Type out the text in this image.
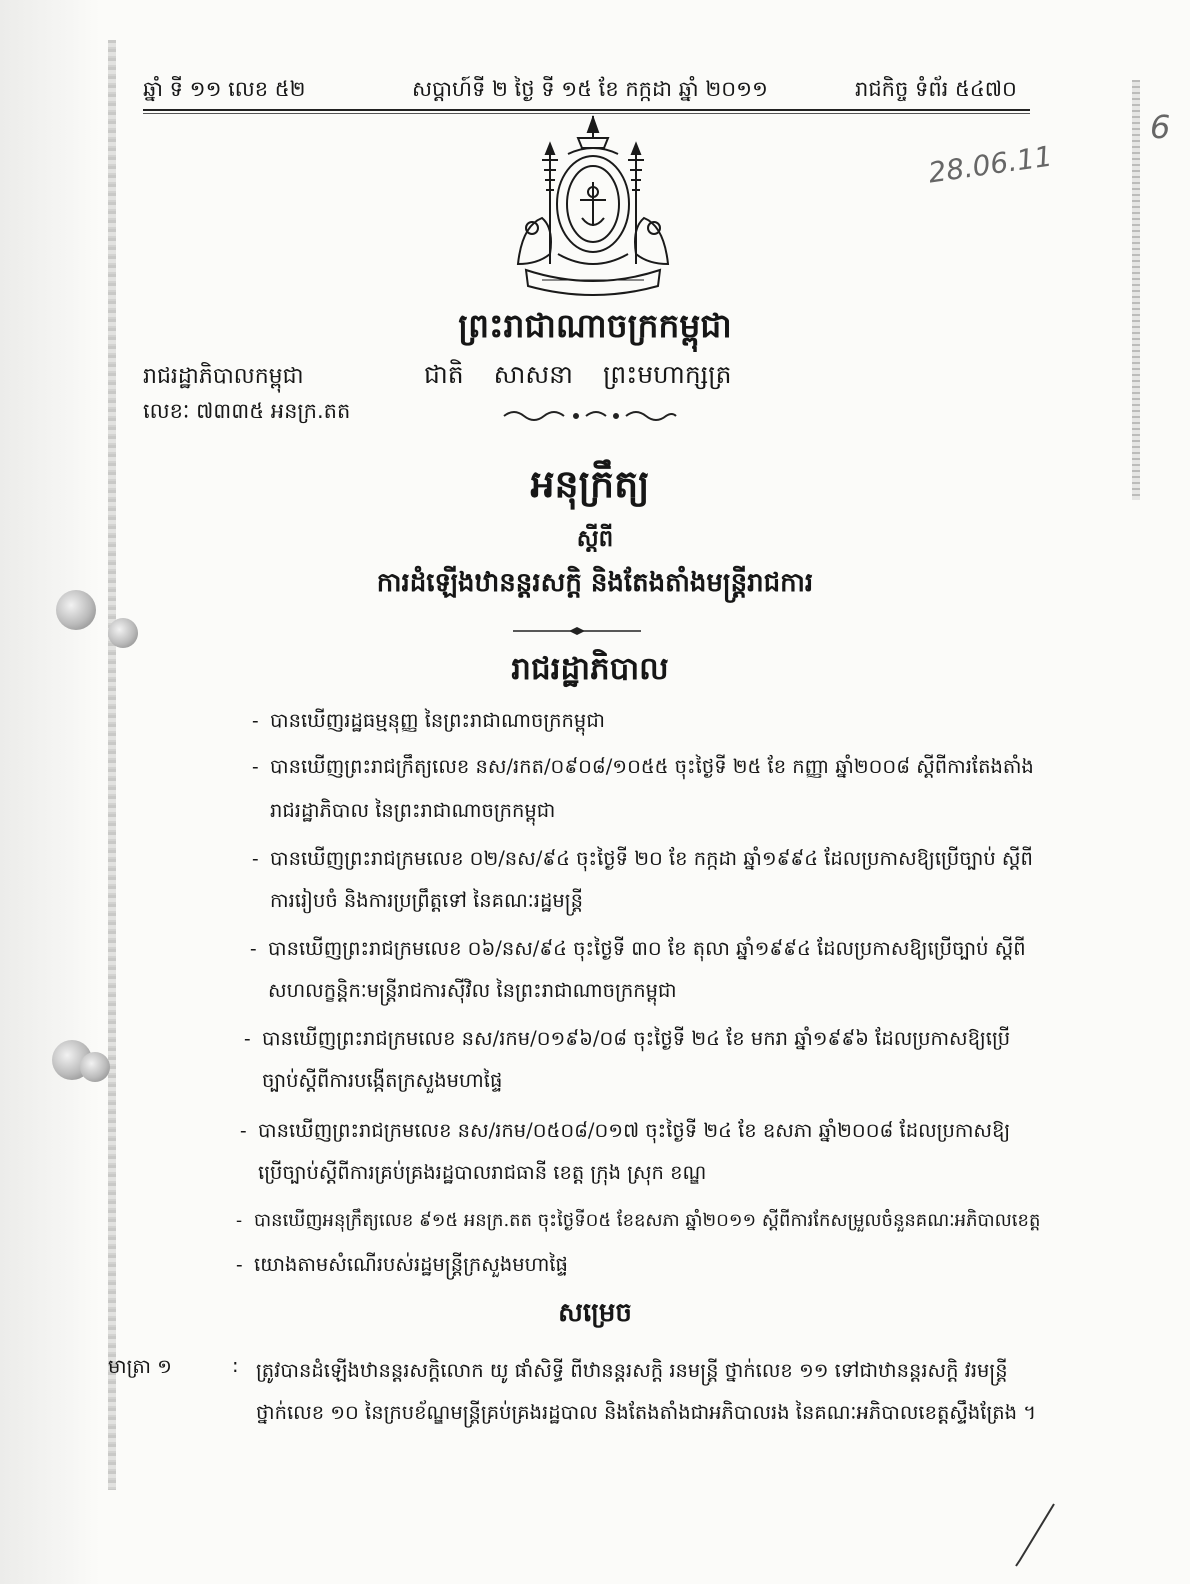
ឆ្នាំ ទី ១១ លេខ ៥២	សប្តាហ៍ទី ២ ថ្ងៃ ទី ១៥ ខែ កក្កដា ឆ្នាំ ២០១១	រាជកិច្ច ទំព័រ ៥៤៧០
28.06.11
6
ព្រះរាជាណាចក្រកម្ពុជា
ជាតិ សាសនា ព្រះមហាក្សត្រ
រាជរដ្ឋាភិបាលកម្ពុជា
លេខៈ ៧៣៣៥ អនក្រ.តត
អនុក្រឹត្យ
ស្តីពី
ការដំឡើងឋានន្តរសក្តិ និងតែងតាំងមន្ត្រីរាជការ
រាជរដ្ឋាភិបាល
- បានឃើញរដ្ឋធម្មនុញ្ញ នៃព្រះរាជាណាចក្រកម្ពុជា
- បានឃើញព្រះរាជក្រឹត្យលេខ នស/រកត/០៩០៨/១០៥៥ ចុះថ្ងៃទី ២៥ ខែ កញ្ញា ឆ្នាំ២០០៨ ស្តីពីការតែងតាំង
រាជរដ្ឋាភិបាល នៃព្រះរាជាណាចក្រកម្ពុជា
- បានឃើញព្រះរាជក្រមលេខ ០២/នស/៩៤ ចុះថ្ងៃទី ២០ ខែ កក្កដា ឆ្នាំ១៩៩៤ ដែលប្រកាសឱ្យប្រើច្បាប់ ស្តីពី
ការរៀបចំ និងការប្រព្រឹត្តទៅ នៃគណៈរដ្ឋមន្ត្រី
- បានឃើញព្រះរាជក្រមលេខ ០៦/នស/៩៤ ចុះថ្ងៃទី ៣០ ខែ តុលា ឆ្នាំ១៩៩៤ ដែលប្រកាសឱ្យប្រើច្បាប់ ស្តីពី
សហលក្ខន្តិកៈមន្ត្រីរាជការស៊ីវិល នៃព្រះរាជាណាចក្រកម្ពុជា
- បានឃើញព្រះរាជក្រមលេខ នស/រកម/០១៩៦/០៨ ចុះថ្ងៃទី ២៤ ខែ មករា ឆ្នាំ១៩៩៦ ដែលប្រកាសឱ្យប្រើ
ច្បាប់ស្តីពីការបង្កើតក្រសួងមហាផ្ទៃ
- បានឃើញព្រះរាជក្រមលេខ នស/រកម/០៥០៨/០១៧ ចុះថ្ងៃទី ២៤ ខែ ឧសភា ឆ្នាំ២០០៨ ដែលប្រកាសឱ្យ
ប្រើច្បាប់ស្តីពីការគ្រប់គ្រងរដ្ឋបាលរាជធានី ខេត្ត ក្រុង ស្រុក ខណ្ឌ
- បានឃើញអនុក្រឹត្យលេខ ៩១៥ អនក្រ.តត ចុះថ្ងៃទី០៥ ខែឧសភា ឆ្នាំ២០១១ ស្តីពីការកែសម្រួលចំនួនគណៈអភិបាលខេត្ត
- យោងតាមសំណើរបស់រដ្ឋមន្ត្រីក្រសួងមហាផ្ទៃ
សម្រេច
មាត្រា ១	: ត្រូវបានដំឡើងឋានន្តរសក្តិលោក យូ ផាំសិទ្ធី ពីឋានន្តរសក្តិ រនមន្ត្រី ថ្នាក់លេខ ១១ ទៅជាឋានន្តរសក្តិ វរមន្ត្រី ថ្នាក់លេខ ១០ នៃក្របខ័ណ្ឌមន្ត្រីគ្រប់គ្រងរដ្ឋបាល និងតែងតាំងជាអភិបាលរង នៃគណៈអភិបាលខេត្តស្ទឹងត្រែង ។
